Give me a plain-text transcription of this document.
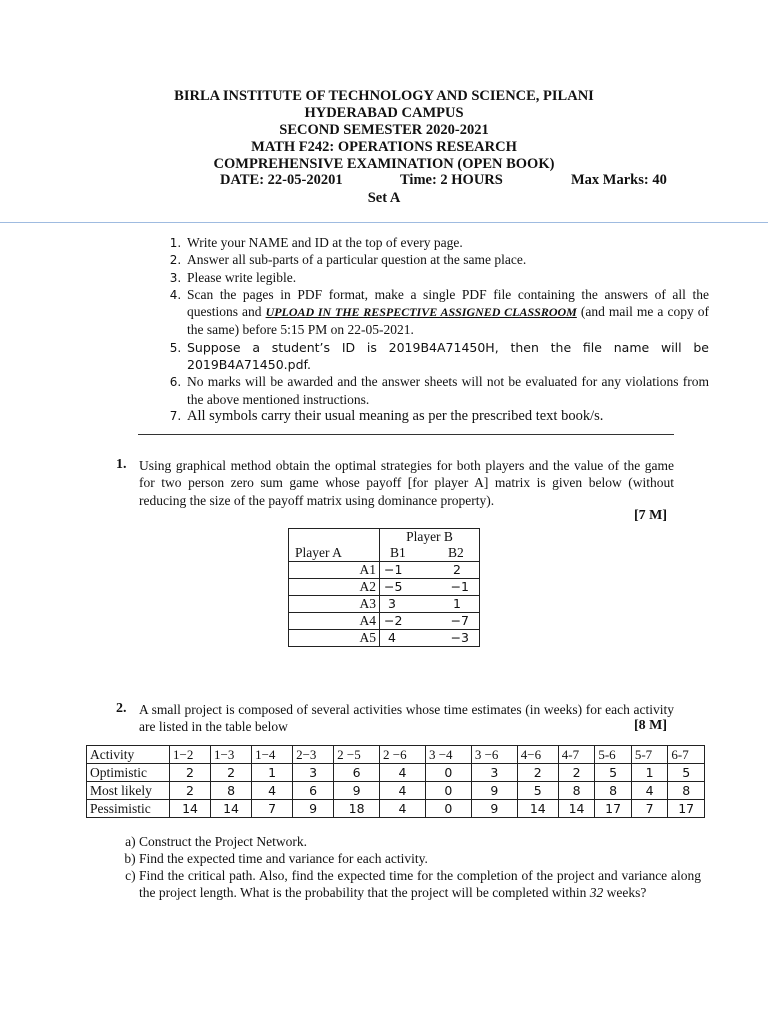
BIRLA INSTITUTE OF TECHNOLOGY AND SCIENCE, PILANI
HYDERABAD CAMPUS
SECOND SEMESTER 2020-2021
MATH F242: OPERATIONS RESEARCH
COMPREHENSIVE EXAMINATION (OPEN BOOK)
DATE: 22-05-20201	Time: 2 HOURS	Max Marks: 40
Set A
1. Write your NAME and ID at the top of every page.
2. Answer all sub-parts of a particular question at the same place.
3. Please write legible.
4. Scan the pages in PDF format, make a single PDF file containing the answers of all the questions and UPLOAD IN THE RESPECTIVE ASSIGNED CLASSROOM (and mail me a copy of the same) before 5:15 PM on 22-05-2021.
5. Suppose a student’s ID is 2019B4A71450H, then the file name will be 2019B4A71450.pdf.
6. No marks will be awarded and the answer sheets will not be evaluated for any violations from the above mentioned instructions.
7. All symbols carry their usual meaning as per the prescribed text book/s.
1. Using graphical method obtain the optimal strategies for both players and the value of the game for two person zero sum game whose payoff [for player A] matrix is given below (without reducing the size of the payoff matrix using dominance property).
[7 M]
	Player B	
Player A	B1	B2
A1	−1	2
A2	−5	−1
A3	3	1
A4	−2	−7
A5	4	−3
2. A small project is composed of several activities whose time estimates (in weeks) for each activity are listed in the table below	[8 M]
Activity	1−2	1−3	1−4	2−3	2 −5	2 −6	3 −4	3 −6	4−6	4-7	5-6	5-7	6-7
Optimistic	2	2	1	3	6	4	0	3	2	2	5	1	5
Most likely	2	8	4	6	9	4	0	9	5	8	8	4	8
Pessimistic	14	14	7	9	18	4	0	9	14	14	17	7	17
a. Construct the Project Network.
b. Find the expected time and variance for each activity.
c. Find the critical path. Also, find the expected time for the completion of the project and variance along the project length. What is the probability that the project will be completed within 32 weeks?
